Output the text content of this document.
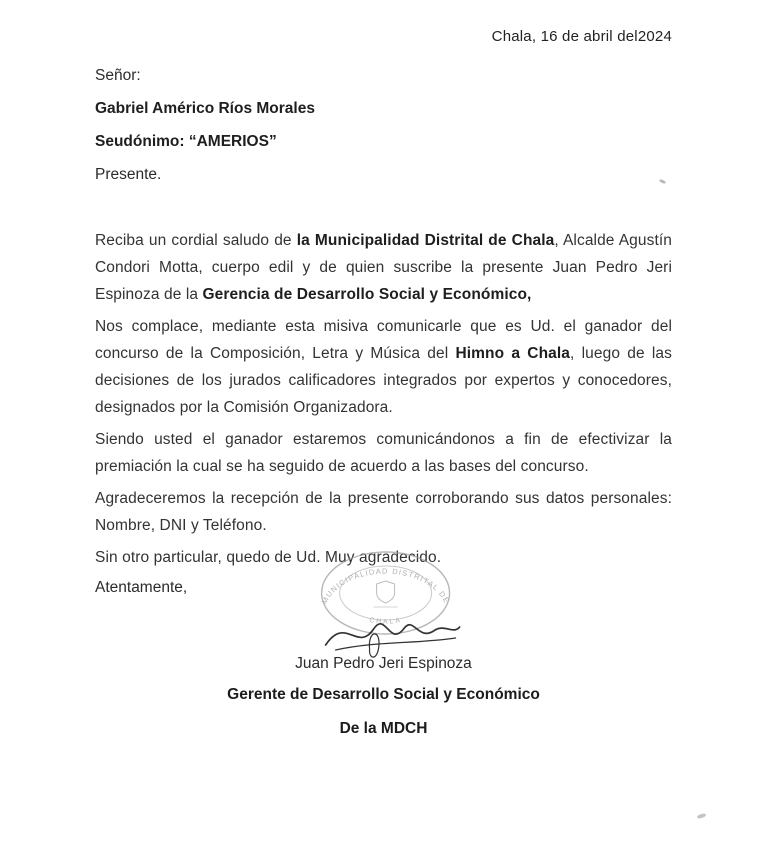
Chala, 16 de abril del2024
Señor:
Gabriel Américo Ríos Morales
Seudónimo: “AMERIOS”
Presente.

Reciba un cordial saludo de la Municipalidad Distrital de Chala, Alcalde Agustín Condori Motta, cuerpo edil y de quien suscribe la presente Juan Pedro Jeri Espinoza de la Gerencia de Desarrollo Social y Económico,

Nos complace, mediante esta misiva comunicarle que es Ud. el ganador del concurso de la Composición, Letra y Música del Himno a Chala, luego de las decisiones de los jurados calificadores integrados por expertos y conocedores, designados por la Comisión Organizadora.

Siendo usted el ganador estaremos comunicándonos a fin de efectivizar la premiación la cual se ha seguido de acuerdo a las bases del concurso.

Agradeceremos la recepción de la presente corroborando sus datos personales: Nombre, DNI y Teléfono.

Sin otro particular, quedo de Ud. Muy agradecido.

Atentamente,
MUNICIPALIDAD DISTRITAL DE
CHALA
Juan Pedro Jeri Espinoza
Gerente de Desarrollo Social y Económico
De la MDCH
